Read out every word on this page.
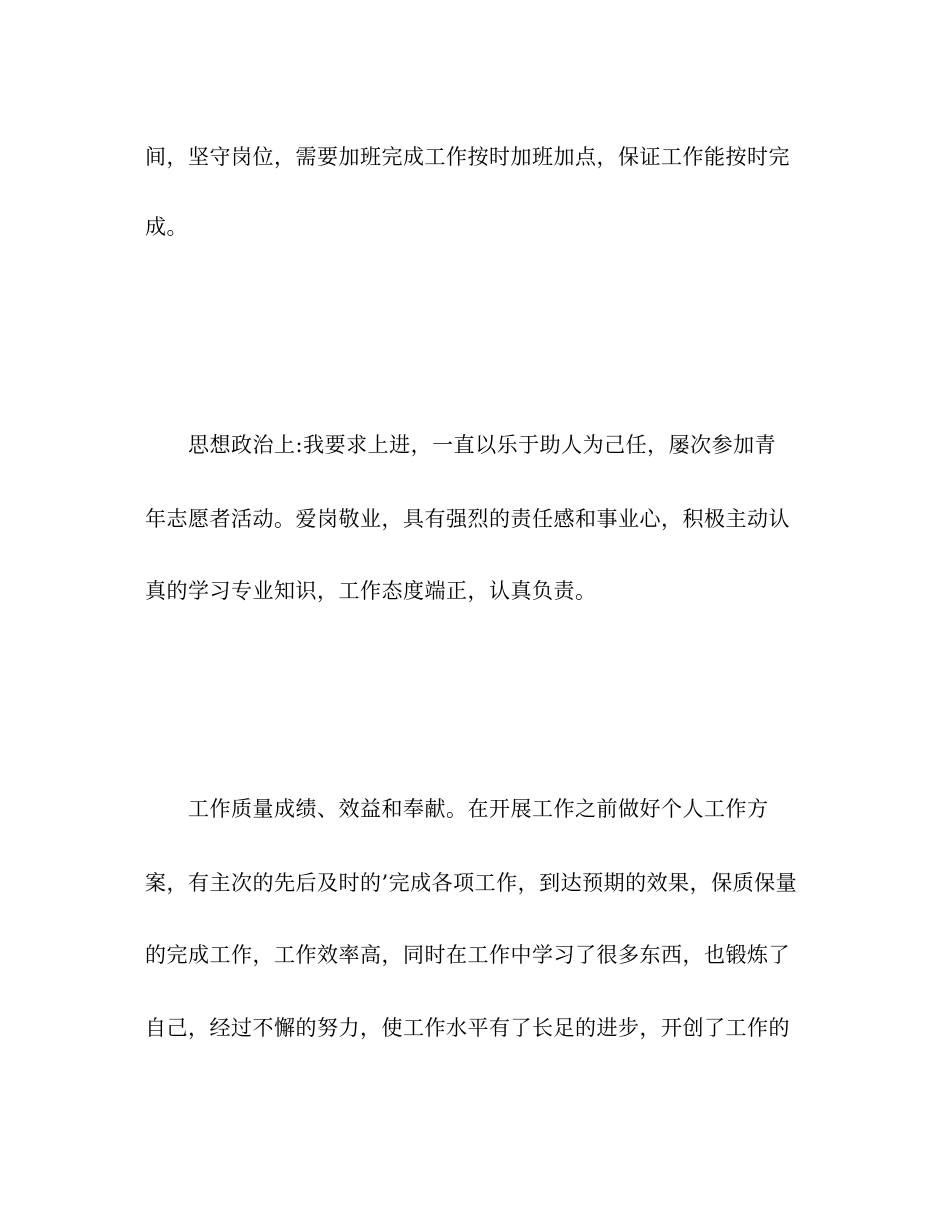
间，坚守岗位，需要加班完成工作按时加班加点，保证工作能按时完
成。
思想政治上:我要求上进，一直以乐于助人为己任，屡次参加青
年志愿者活动。爱岗敬业，具有强烈的责任感和事业心，积极主动认
真的学习专业知识，工作态度端正，认真负责。
工作质量成绩、效益和奉献。在开展工作之前做好个人工作方
案，有主次的先后及时的’完成各项工作，到达预期的效果，保质保量
的完成工作，工作效率高，同时在工作中学习了很多东西，也锻炼了
自己，经过不懈的努力，使工作水平有了长足的进步，开创了工作的
